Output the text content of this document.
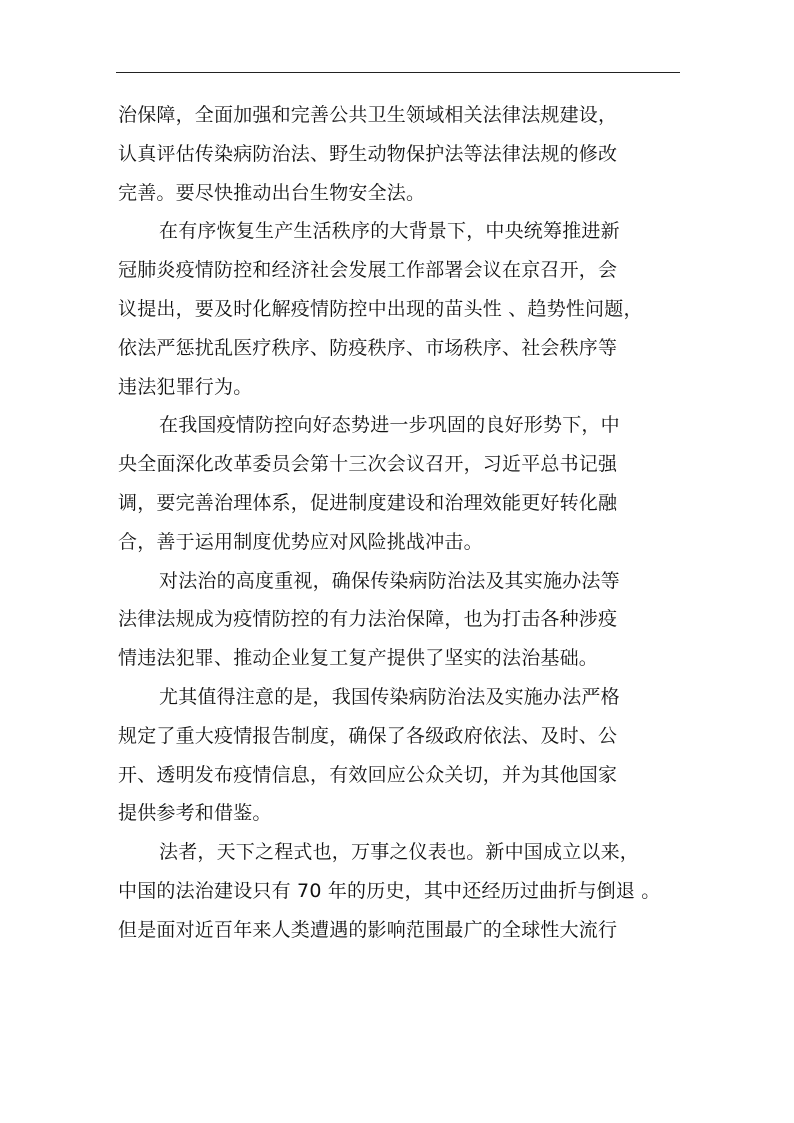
治保障，全面加强和完善公共卫生领域相关法律法规建设，
认真评估传染病防治法、野生动物保护法等法律法规的修改
完善。要尽快推动出台生物安全法。
在有序恢复生产生活秩序的大背景下，中央统筹推进新
冠肺炎疫情防控和经济社会发展工作部署会议在京召开，会
议提出，要及时化解疫情防控中出现的苗头性 、趋势性问题，
依法严惩扰乱医疗秩序、防疫秩序、市场秩序、社会秩序等
违法犯罪行为。
在我国疫情防控向好态势进一步巩固的良好形势下，中
央全面深化改革委员会第十三次会议召开，习近平总书记强
调，要完善治理体系，促进制度建设和治理效能更好转化融
合，善于运用制度优势应对风险挑战冲击。
对法治的高度重视，确保传染病防治法及其实施办法等
法律法规成为疫情防控的有力法治保障，也为打击各种涉疫
情违法犯罪、推动企业复工复产提供了坚实的法治基础。
尤其值得注意的是，我国传染病防治法及实施办法严格
规定了重大疫情报告制度，确保了各级政府依法、及时、公
开、透明发布疫情信息，有效回应公众关切，并为其他国家
提供参考和借鉴。
法者，天下之程式也，万事之仪表也。新中国成立以来，
中国的法治建设只有 70 年的历史，其中还经历过曲折与倒退 。
但是面对近百年来人类遭遇的影响范围最广的全球性大流行
